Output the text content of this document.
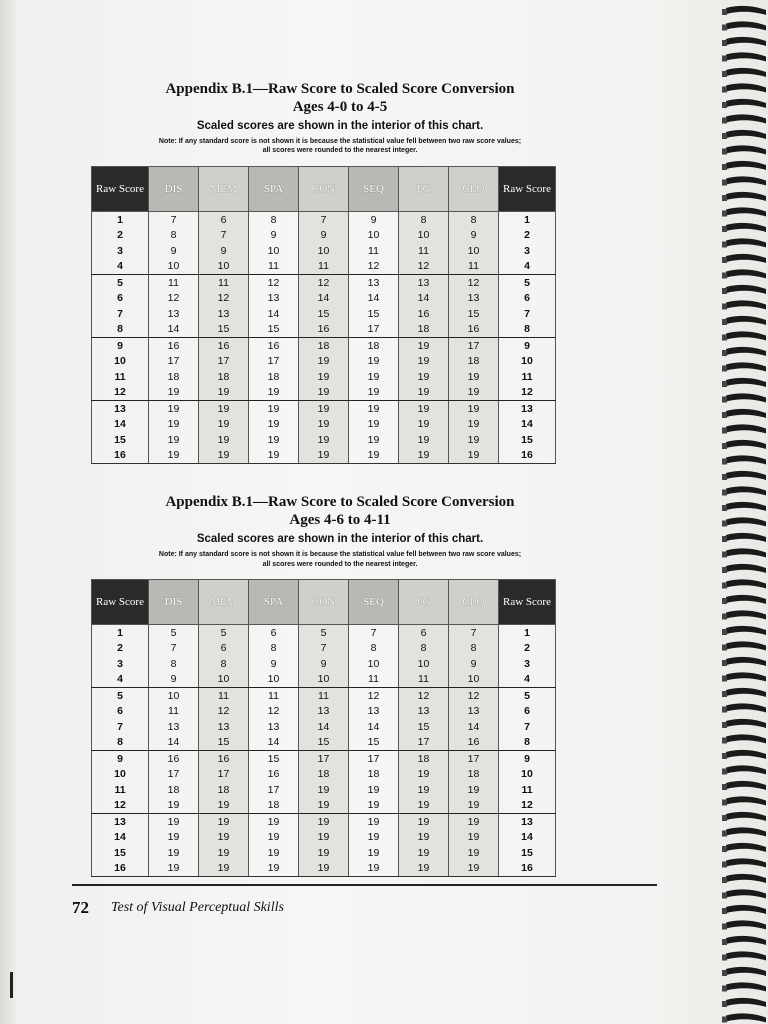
Appendix B.1—Raw Score to Scaled Score Conversion
Ages 4-0 to 4-5
Scaled scores are shown in the interior of this chart.
Note: If any standard score is not shown it is because the statistical value fell between two raw score values;
all scores were rounded to the nearest integer.
Raw Score	DIS	MEM	SPA	CON	SEQ	FG	CLO	Raw Score
1	7	6	8	7	9	8	8	1
2	8	7	9	9	10	10	9	2
3	9	9	10	10	11	11	10	3
4	10	10	11	11	12	12	11	4
5	11	11	12	12	13	13	12	5
6	12	12	13	14	14	14	13	6
7	13	13	14	15	15	16	15	7
8	14	15	15	16	17	18	16	8
9	16	16	16	18	18	19	17	9
10	17	17	17	19	19	19	18	10
11	18	18	18	19	19	19	19	11
12	19	19	19	19	19	19	19	12
13	19	19	19	19	19	19	19	13
14	19	19	19	19	19	19	19	14
15	19	19	19	19	19	19	19	15
16	19	19	19	19	19	19	19	16
Appendix B.1—Raw Score to Scaled Score Conversion
Ages 4-6 to 4-11
Scaled scores are shown in the interior of this chart.
Note: If any standard score is not shown it is because the statistical value fell between two raw score values;
all scores were rounded to the nearest integer.
Raw Score	DIS	MEM	SPA	CON	SEQ	FG	CLO	Raw Score
1	5	5	6	5	7	6	7	1
2	7	6	8	7	8	8	8	2
3	8	8	9	9	10	10	9	3
4	9	10	10	10	11	11	10	4
5	10	11	11	11	12	12	12	5
6	11	12	12	13	13	13	13	6
7	13	13	13	14	14	15	14	7
8	14	15	14	15	15	17	16	8
9	16	16	15	17	17	18	17	9
10	17	17	16	18	18	19	18	10
11	18	18	17	19	19	19	19	11
12	19	19	18	19	19	19	19	12
13	19	19	19	19	19	19	19	13
14	19	19	19	19	19	19	19	14
15	19	19	19	19	19	19	19	15
16	19	19	19	19	19	19	19	16
72 Test of Visual Perceptual Skills
